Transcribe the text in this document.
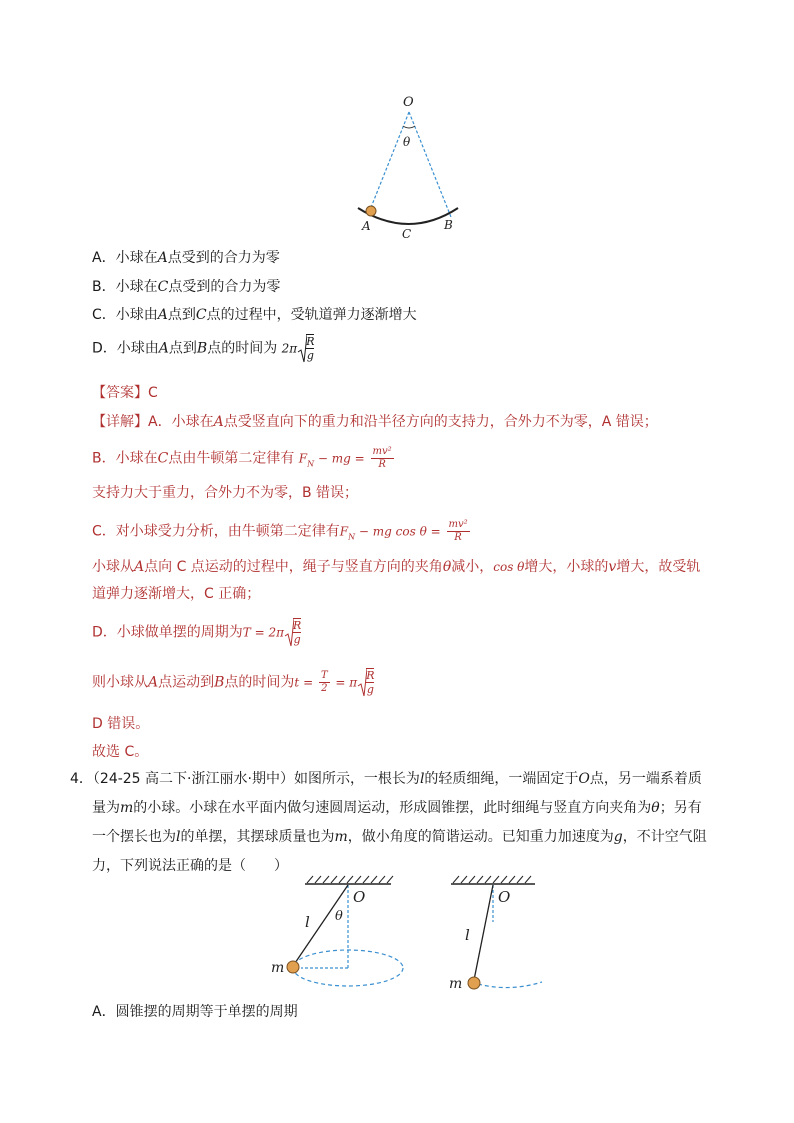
O
θ
A
C
B
A．小球在A点受到的合力为零
B．小球在C点受到的合力为零
C．小球由A点到C点的过程中，受轨道弹力逐渐增大
D．小球由A点到B点的时间为 $2\pi \frac{R}{g}$
【答案】C
【详解】A．小球在A点受竖直向下的重力和沿半径方向的支持力，合外力不为零，A 错误；
B．小球在C点由牛顿第二定律有 $F_N$ − mg = $\frac{\text{mv²}}{R}$
支持力大于重力，合外力不为零，B 错误；
C．对小球受力分析，由牛顿第二定律有$F_N$ − mg $\cos \theta = \frac{\text{mv²}}{R}$
小球从A点向 C 点运动的过程中，绳子与竖直方向的夹角θ减小，cos θ增大，小球的v增大，故受轨
道弹力逐渐增大，C 正确；
D．小球做单摆的周期为$T = 2\pi \frac{R}{g}$
则小球从A点运动到B点的时间为$t = \frac{T}{2} = \pi \frac{R}{g}$
D 错误。
故选 C。
4．（24-25 高二下·浙江丽水·期中）如图所示，一根长为l的轻质细绳，一端固定于O点，另一端系着质
量为m的小球。小球在水平面内做匀速圆周运动，形成圆锥摆，此时细绳与竖直方向夹角为θ；另有
一个摆长也为l的单摆，其摆球质量也为m，做小角度的简谐运动。已知重力加速度为g，不计空气阻
力，下列说法正确的是（　　）
O
θ
l
m
O
l
m
A．圆锥摆的周期等于单摆的周期
